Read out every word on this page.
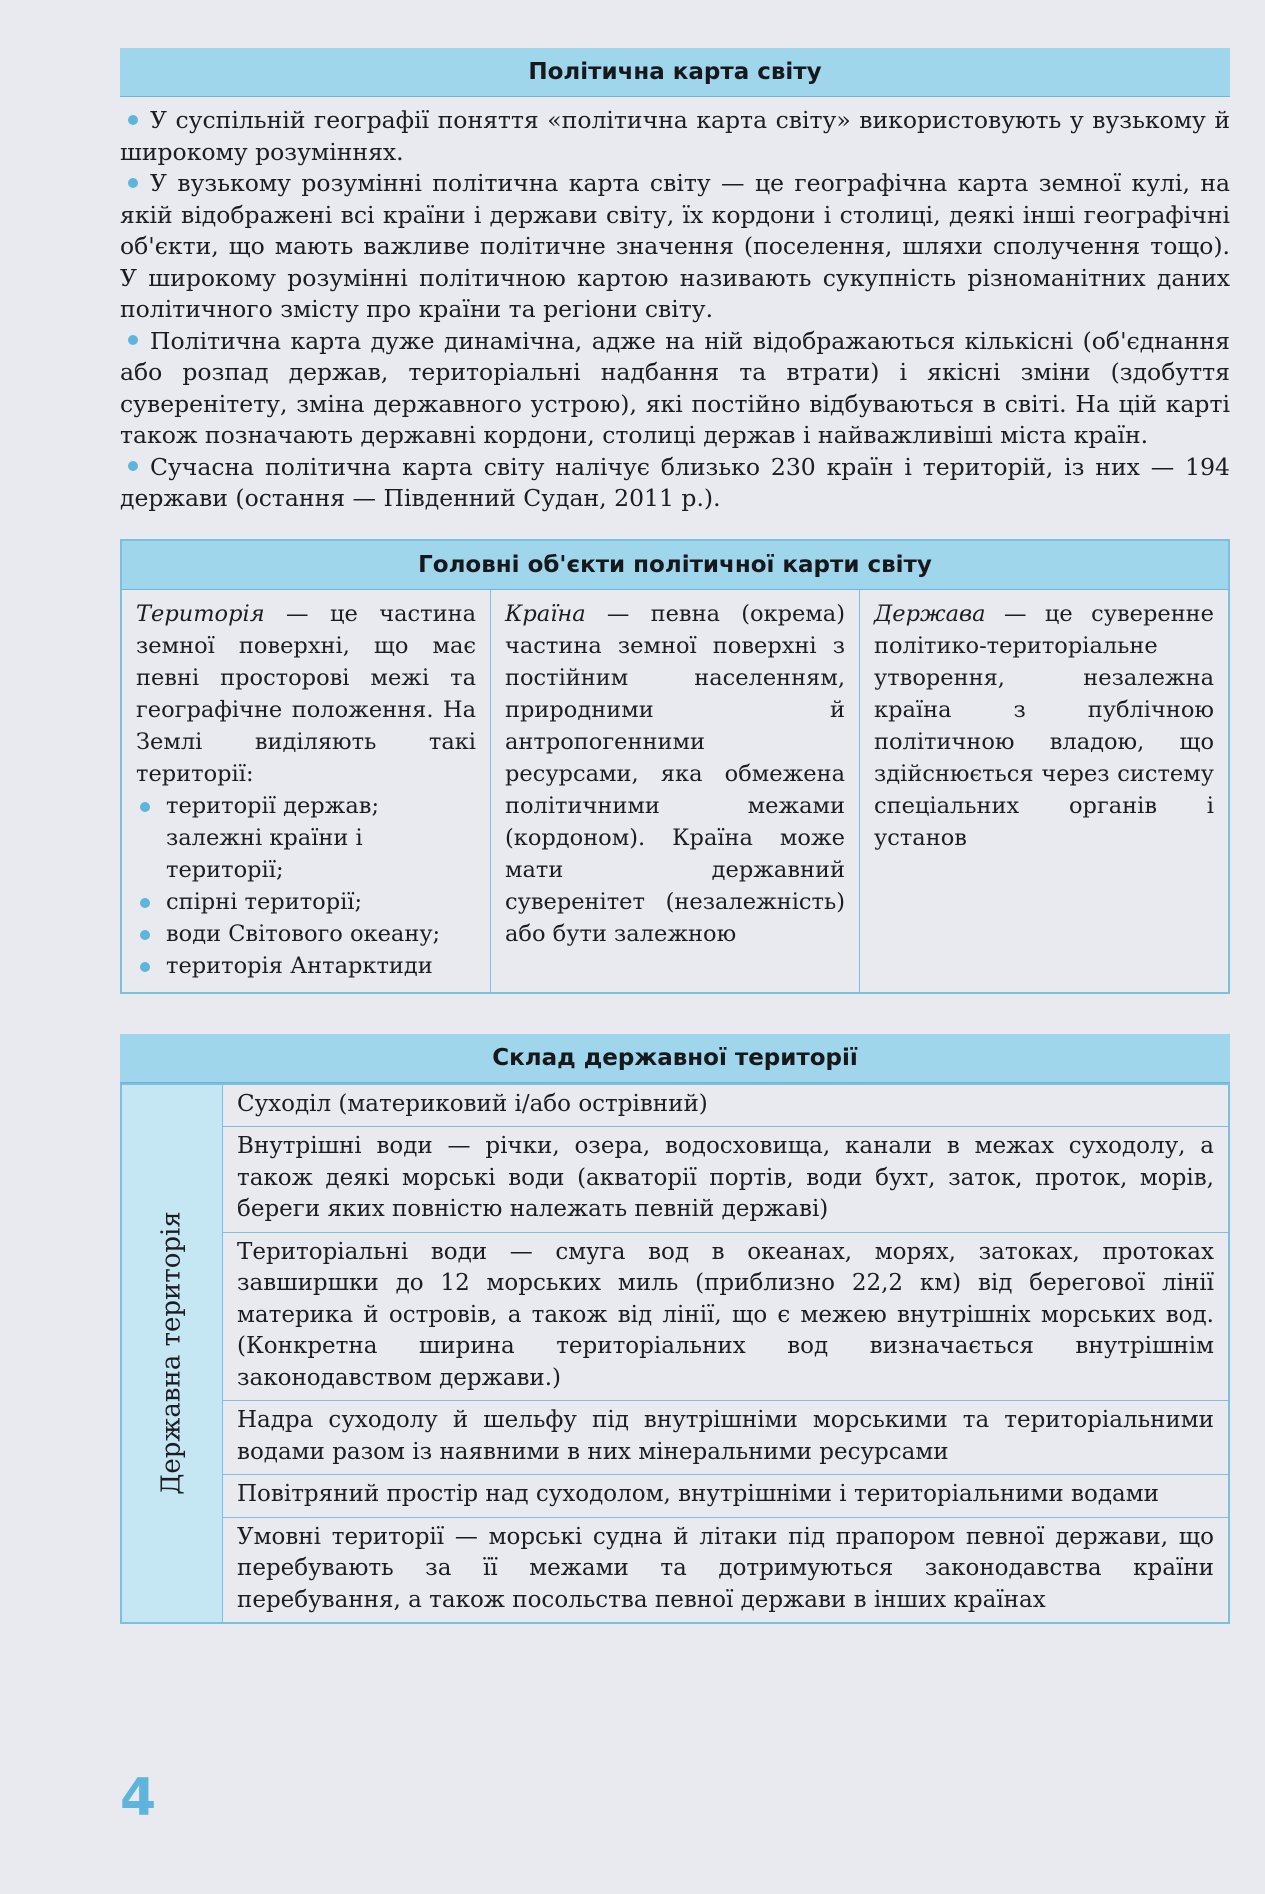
Політична карта світу

У суспільній географії поняття «політична карта світу» використовують у вузькому й широкому розуміннях.

У вузькому розумінні політична карта світу — це географічна карта земної кулі, на якій відображені всі країни і держави світу, їх кордони і столиці, деякі інші географічні об'єкти, що мають важливе політичне значення (поселення, шляхи сполучення тощо). У широкому розумінні політичною картою називають сукупність різноманітних даних політичного змісту про країни та регіони світу.

Політична карта дуже динамічна, адже на ній відображаються кількісні (об'єднання або розпад держав, територіальні надбання та втрати) і якісні зміни (здобуття суверенітету, зміна державного устрою), які постійно відбуваються в світі. На цій карті також позначають державні кордони, столиці держав і найважливіші міста країн.

Сучасна політична карта світу налічує близько 230 країн і територій, із них — 194 держави (остання — Південний Судан, 2011 р.).

Головні об'єкти політичної карти світу
Територія — це частина земної поверхні, що має певні просторові межі та географічне положення. На Землі виділяють такі території:
території держав; залежні країни і території;
спірні території;
води Світового океану;
територія Антарктиди
Країна — певна (окрема) частина земної поверхні з постійним населенням, природними й антропогенними ресурсами, яка обмежена політичними межами (кордоном). Країна може мати державний суверенітет (незалежність) або бути залежною
Держава — це суверенне політико-територіальне утворення, незалежна країна з публічною політичною владою, що здійснюється через систему спеціальних органів і установ
Склад державної території
Державна територія
Суходіл (материковий і/або острівний)
Внутрішні води — річки, озера, водосховища, канали в межах суходолу, а також деякі морські води (акваторії портів, води бухт, заток, проток, морів, береги яких повністю належать певній державі)
Територіальні води — смуга вод в океанах, морях, затоках, протоках завширшки до 12 морських миль (приблизно 22,2 км) від берегової лінії материка й островів, а також від лінії, що є межею внутрішніх морських вод. (Конкретна ширина територіальних вод визначається внутрішнім законодавством держави.)
Надра суходолу й шельфу під внутрішніми морськими та територіальними водами разом із наявними в них мінеральними ресурсами
Повітряний простір над суходолом, внутрішніми і територіальними водами
Умовні території — морські судна й літаки під прапором певної держави, що перебувають за її межами та дотримуються законодавства країни перебування, а також посольства певної держави в інших країнах
4
